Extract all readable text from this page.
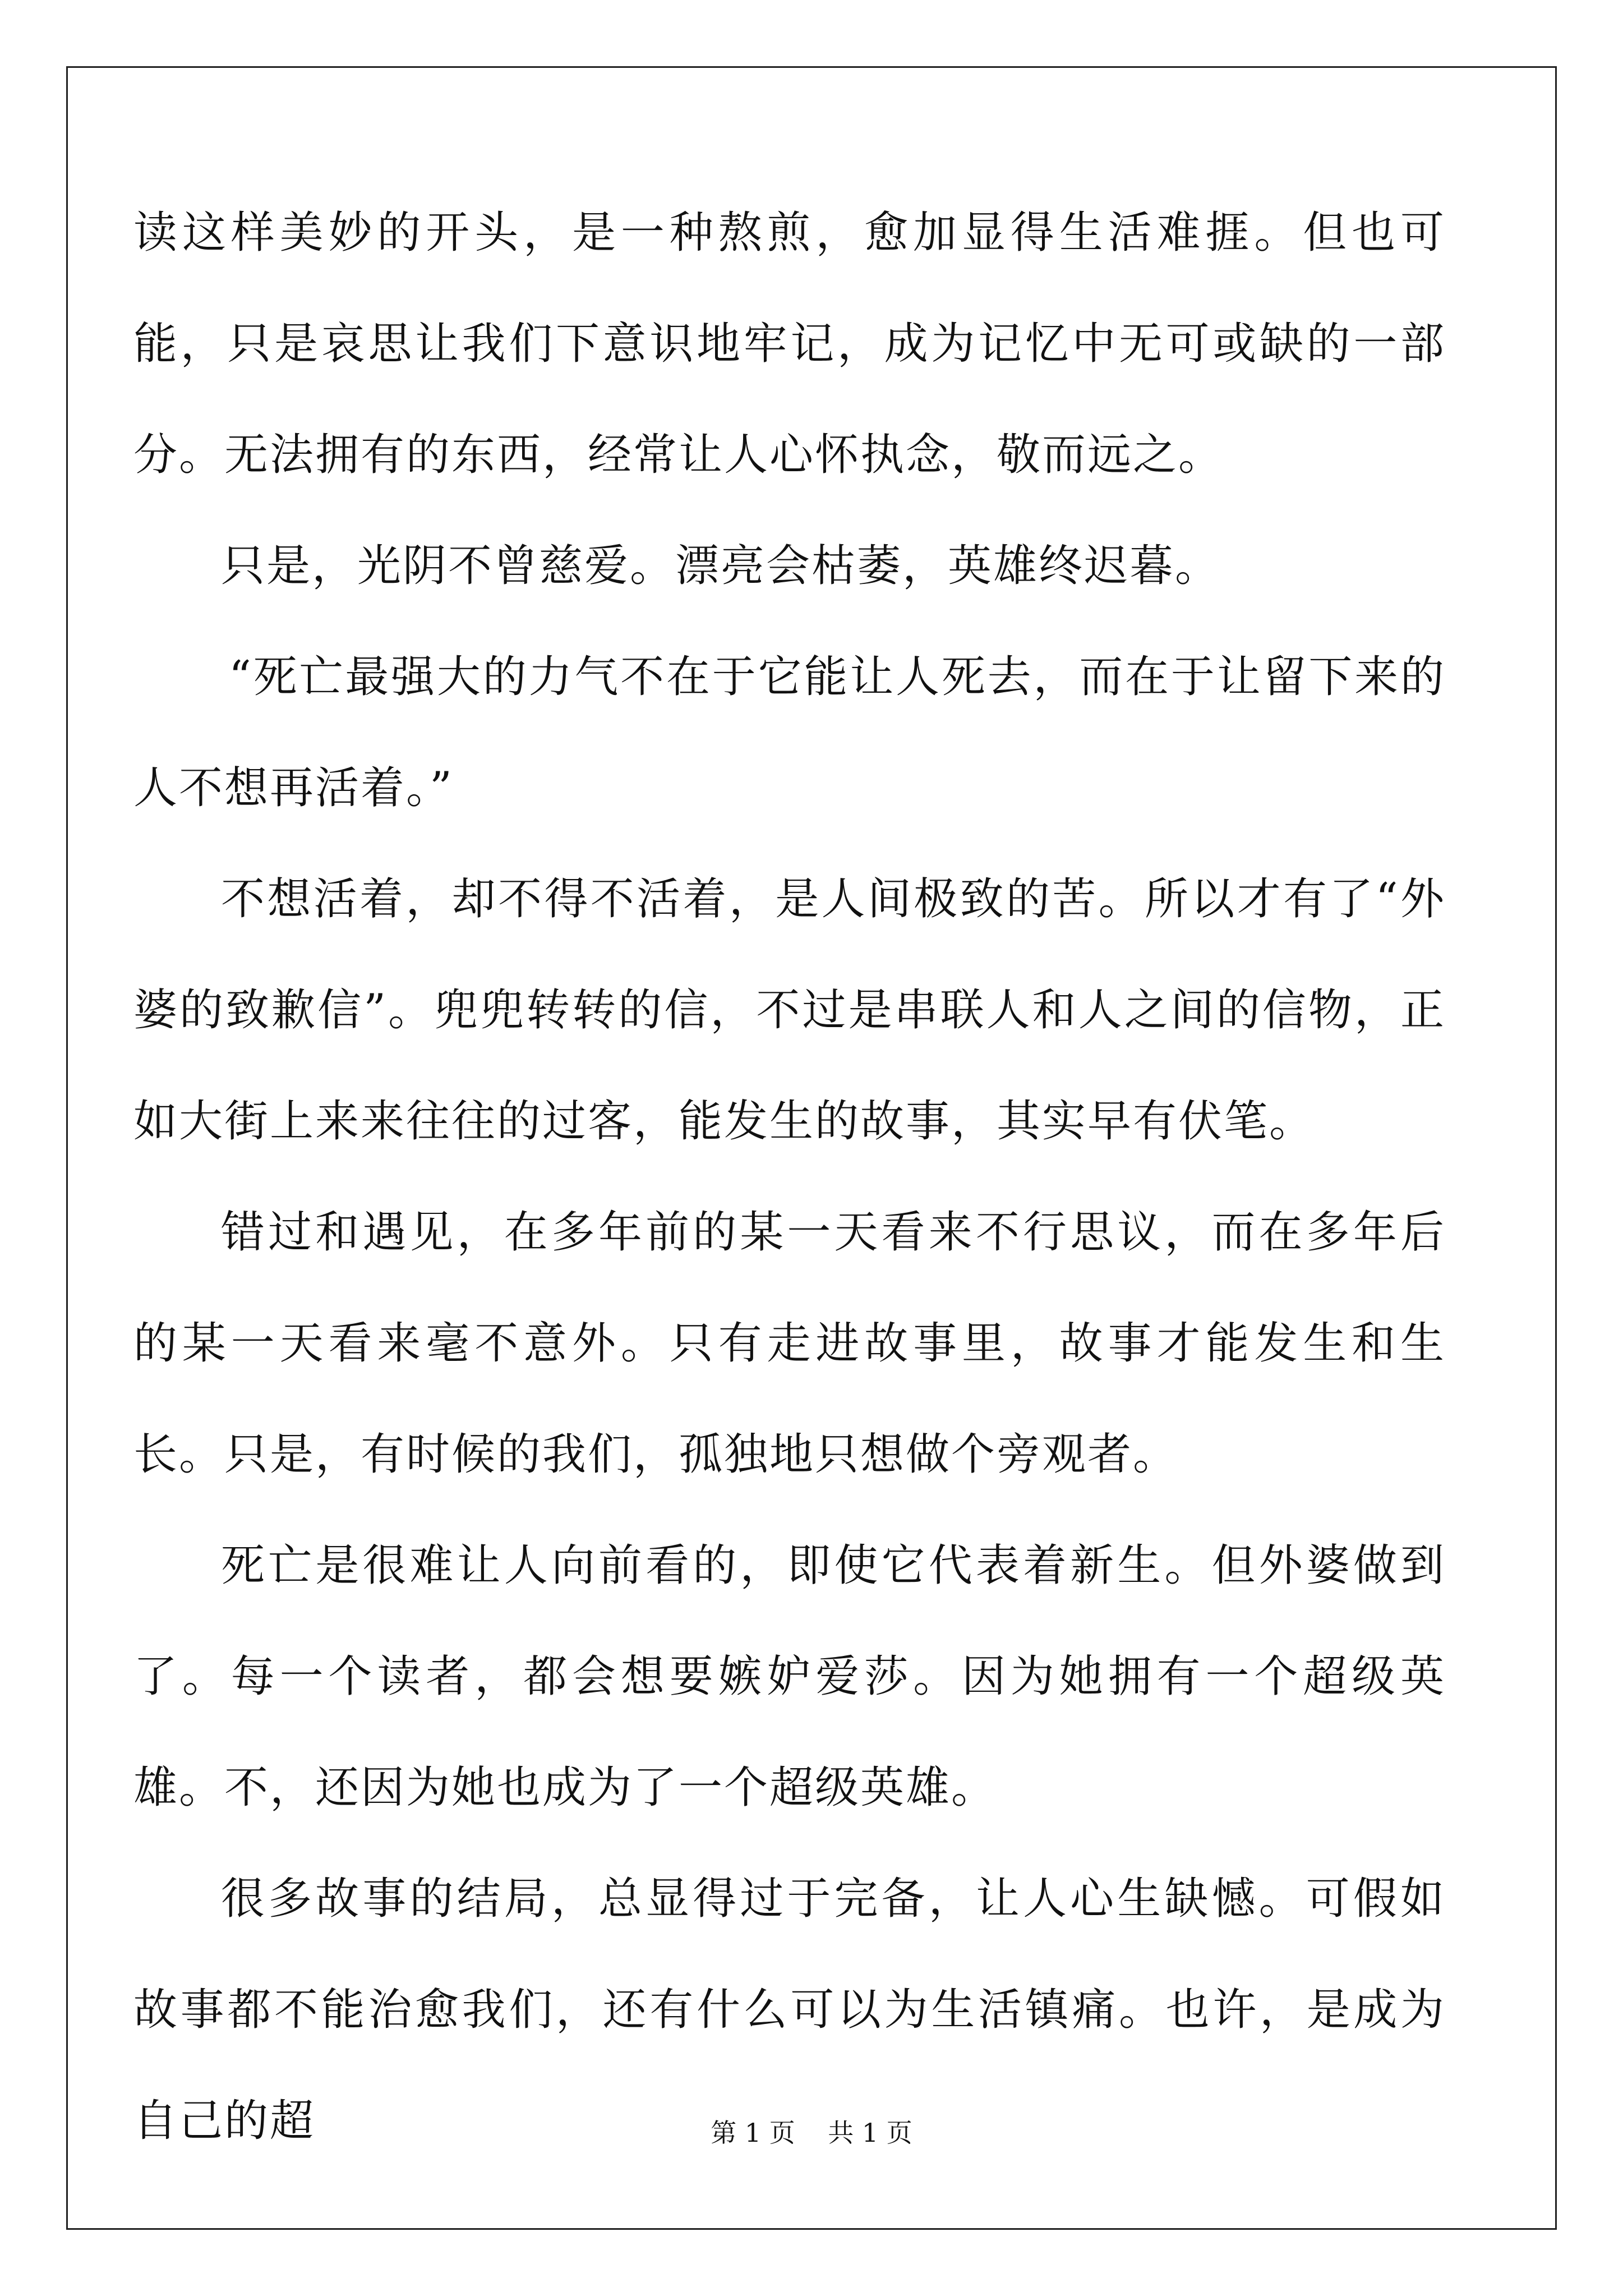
读这样美妙的开头，是一种熬煎，愈加显得生活难捱。但也可能，只是哀思让我们下意识地牢记，成为记忆中无可或缺的一部分。无法拥有的东西，经常让人心怀执念，敬而远之。

只是，光阴不曾慈爱。漂亮会枯萎，英雄终迟暮。

“死亡最强大的力气不在于它能让人死去，而在于让留下来的人不想再活着。”

不想活着，却不得不活着，是人间极致的苦。所以才有了“外婆的致歉信”。兜兜转转的信，不过是串联人和人之间的信物，正如大街上来来往往的过客，能发生的故事，其实早有伏笔。

错过和遇见，在多年前的某一天看来不行思议，而在多年后的某一天看来毫不意外。只有走进故事里，故事才能发生和生长。只是，有时候的我们，孤独地只想做个旁观者。

死亡是很难让人向前看的，即使它代表着新生。但外婆做到了。每一个读者，都会想要嫉妒爱莎。因为她拥有一个超级英雄。不，还因为她也成为了一个超级英雄。

很多故事的结局，总显得过于完备，让人心生缺憾。可假如故事都不能治愈我们，还有什么可以为生活镇痛。也许，是成为自己的超	第 1 页    共 1 页
